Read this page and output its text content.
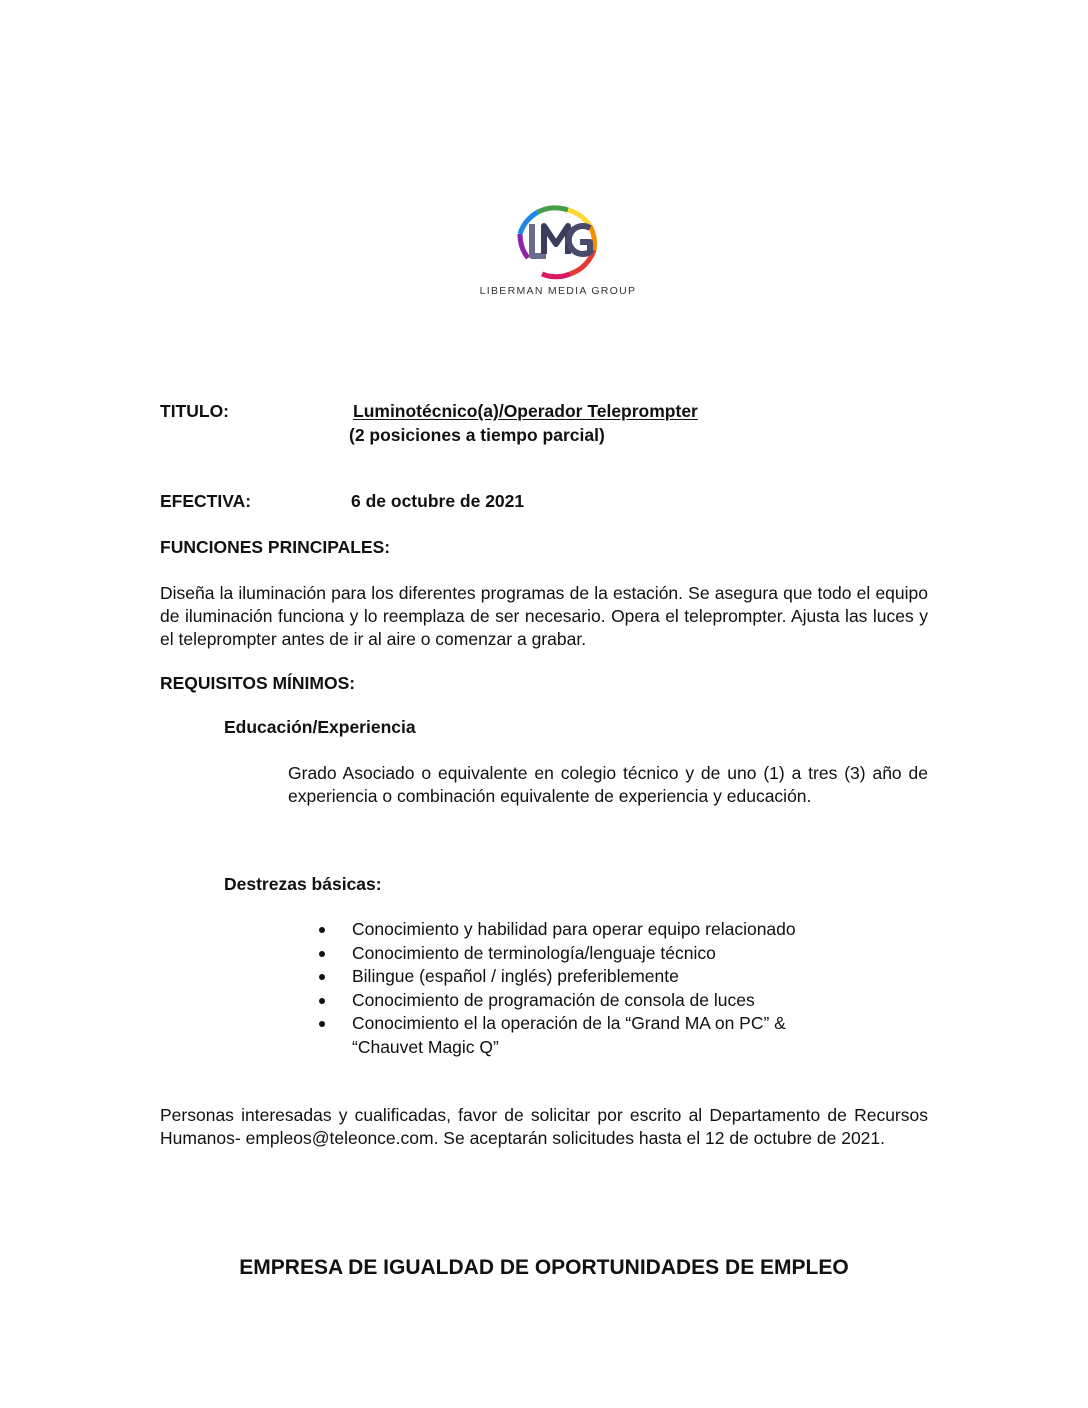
LIBERMAN MEDIA GROUP
TITULO:	Luminotécnico(a)/Operador Teleprompter
(2 posiciones a tiempo parcial)
EFECTIVA:	6 de octubre de 2021
FUNCIONES PRINCIPALES:
Diseña la iluminación para los diferentes programas de la estación. Se asegura que todo el equipo de iluminación funciona y lo reemplaza de ser necesario. Opera el teleprompter. Ajusta las luces y el teleprompter antes de ir al aire o comenzar a grabar.
REQUISITOS MÍNIMOS:
Educación/Experiencia
Grado Asociado o equivalente en colegio técnico y de uno (1) a tres (3) año de experiencia o combinación equivalente de experiencia y educación.
Destrezas básicas:
Conocimiento y habilidad para operar equipo relacionado
Conocimiento de terminología/lenguaje técnico
Bilingue (español / inglés) preferiblemente
Conocimiento de programación de consola de luces
Conocimiento el la operación de la “Grand MA on PC” &
“Chauvet Magic Q”
Personas interesadas y cualificadas, favor de solicitar por escrito al Departamento de Recursos Humanos- empleos@teleonce.com. Se aceptarán solicitudes hasta el 12 de octubre de 2021.
EMPRESA DE IGUALDAD DE OPORTUNIDADES DE EMPLEO
